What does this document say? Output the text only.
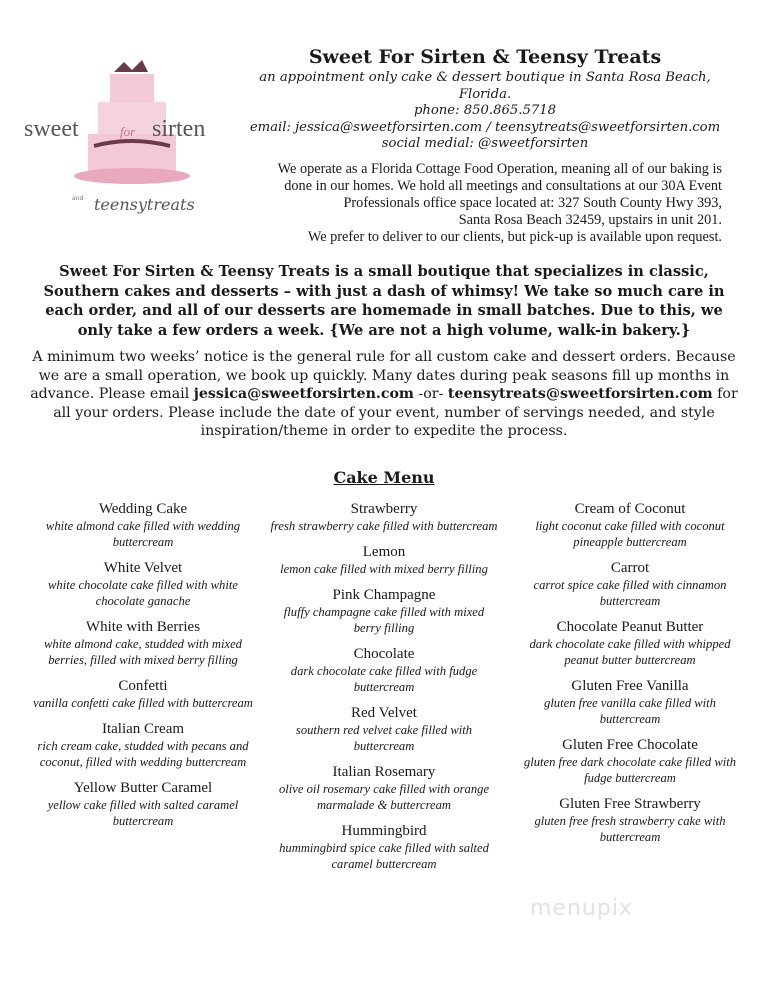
sweet	sirten
for
teensytreats
and
Sweet For Sirten & Teensy Treats
an appointment only cake & dessert boutique in Santa Rosa Beach, Florida.
phone: 850.865.5718
email: jessica@sweetforsirten.com / teensytreats@sweetforsirten.com
social medial: @sweetforsirten
We operate as a Florida Cottage Food Operation, meaning all of our baking is
done in our homes. We hold all meetings and consultations at our 30A Event
Professionals office space located at: 327 South County Hwy 393,
Santa Rosa Beach 32459, upstairs in unit 201.
We prefer to deliver to our clients, but pick-up is available upon request.
Sweet For Sirten & Teensy Treats is a small boutique that specializes in classic, Southern cakes and desserts – with just a dash of whimsy! We take so much care in each order, and all of our desserts are homemade in small batches. Due to this, we only take a few orders a week. {We are not a high volume, walk-in bakery.}
A minimum two weeks’ notice is the general rule for all custom cake and dessert orders. Because we are a small operation, we book up quickly. Many dates during peak seasons fill up months in advance. Please email jessica@sweetforsirten.com -or- teensytreats@sweetforsirten.com for all your orders. Please include the date of your event, number of servings needed, and style inspiration/theme in order to expedite the process.
Cake Menu
Wedding Cake
white almond cake filled with wedding buttercream
White Velvet
white chocolate cake filled with white chocolate ganache
White with Berries
white almond cake, studded with mixed berries, filled with mixed berry filling
Confetti
vanilla confetti cake filled with buttercream
Italian Cream
rich cream cake, studded with pecans and coconut, filled with wedding buttercream
Yellow Butter Caramel
yellow cake filled with salted caramel buttercream
Strawberry
fresh strawberry cake filled with buttercream
Lemon
lemon cake filled with mixed berry filling
Pink Champagne
fluffy champagne cake filled with mixed berry filling
Chocolate
dark chocolate cake filled with fudge buttercream
Red Velvet
southern red velvet cake filled with buttercream
Italian Rosemary
olive oil rosemary cake filled with orange marmalade & buttercream
Hummingbird
hummingbird spice cake filled with salted caramel buttercream
Cream of Coconut
light coconut cake filled with coconut pineapple buttercream
Carrot
carrot spice cake filled with cinnamon buttercream
Chocolate Peanut Butter
dark chocolate cake filled with whipped peanut butter buttercream
Gluten Free Vanilla
gluten free vanilla cake filled with buttercream
Gluten Free Chocolate
gluten free dark chocolate cake filled with fudge buttercream
Gluten Free Strawberry
gluten free fresh strawberry cake with buttercream
menupix
